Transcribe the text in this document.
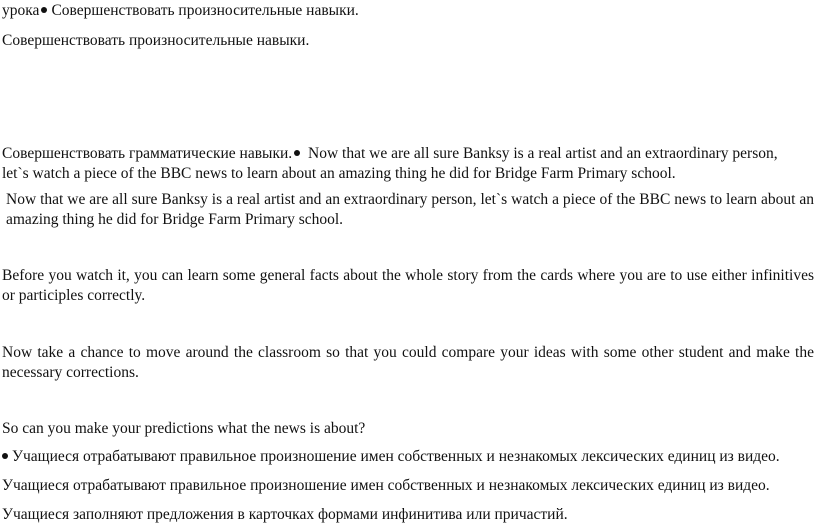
урока Совершенствовать произносительные навыки.
Совершенствовать произносительные навыки.
Совершенствовать грамматические навыки. Now that we are all sure Banksy is a real artist and an extraordinary person, let`s watch a piece of the BBC news to learn about an amazing thing he did for Bridge Farm Primary school.
Now that we are all sure Banksy is a real artist and an extraordinary person, let`s watch a piece of the BBC news to learn about an amazing thing he did for Bridge Farm Primary school.
Before you watch it, you can learn some general facts about the whole story from the cards where you are to use either infinitives or participles correctly.
Now take a chance to move around the classroom so that you could compare your ideas with some other student and make the necessary corrections.
So can you make your predictions what the news is about?
Учащиеся отрабатывают правильное произношение имен собственных и незнакомых лексических единиц из видео.
Учащиеся отрабатывают правильное произношение имен собственных и незнакомых лексических единиц из видео.
Учащиеся заполняют предложения в карточках формами инфинитива или причастий.
